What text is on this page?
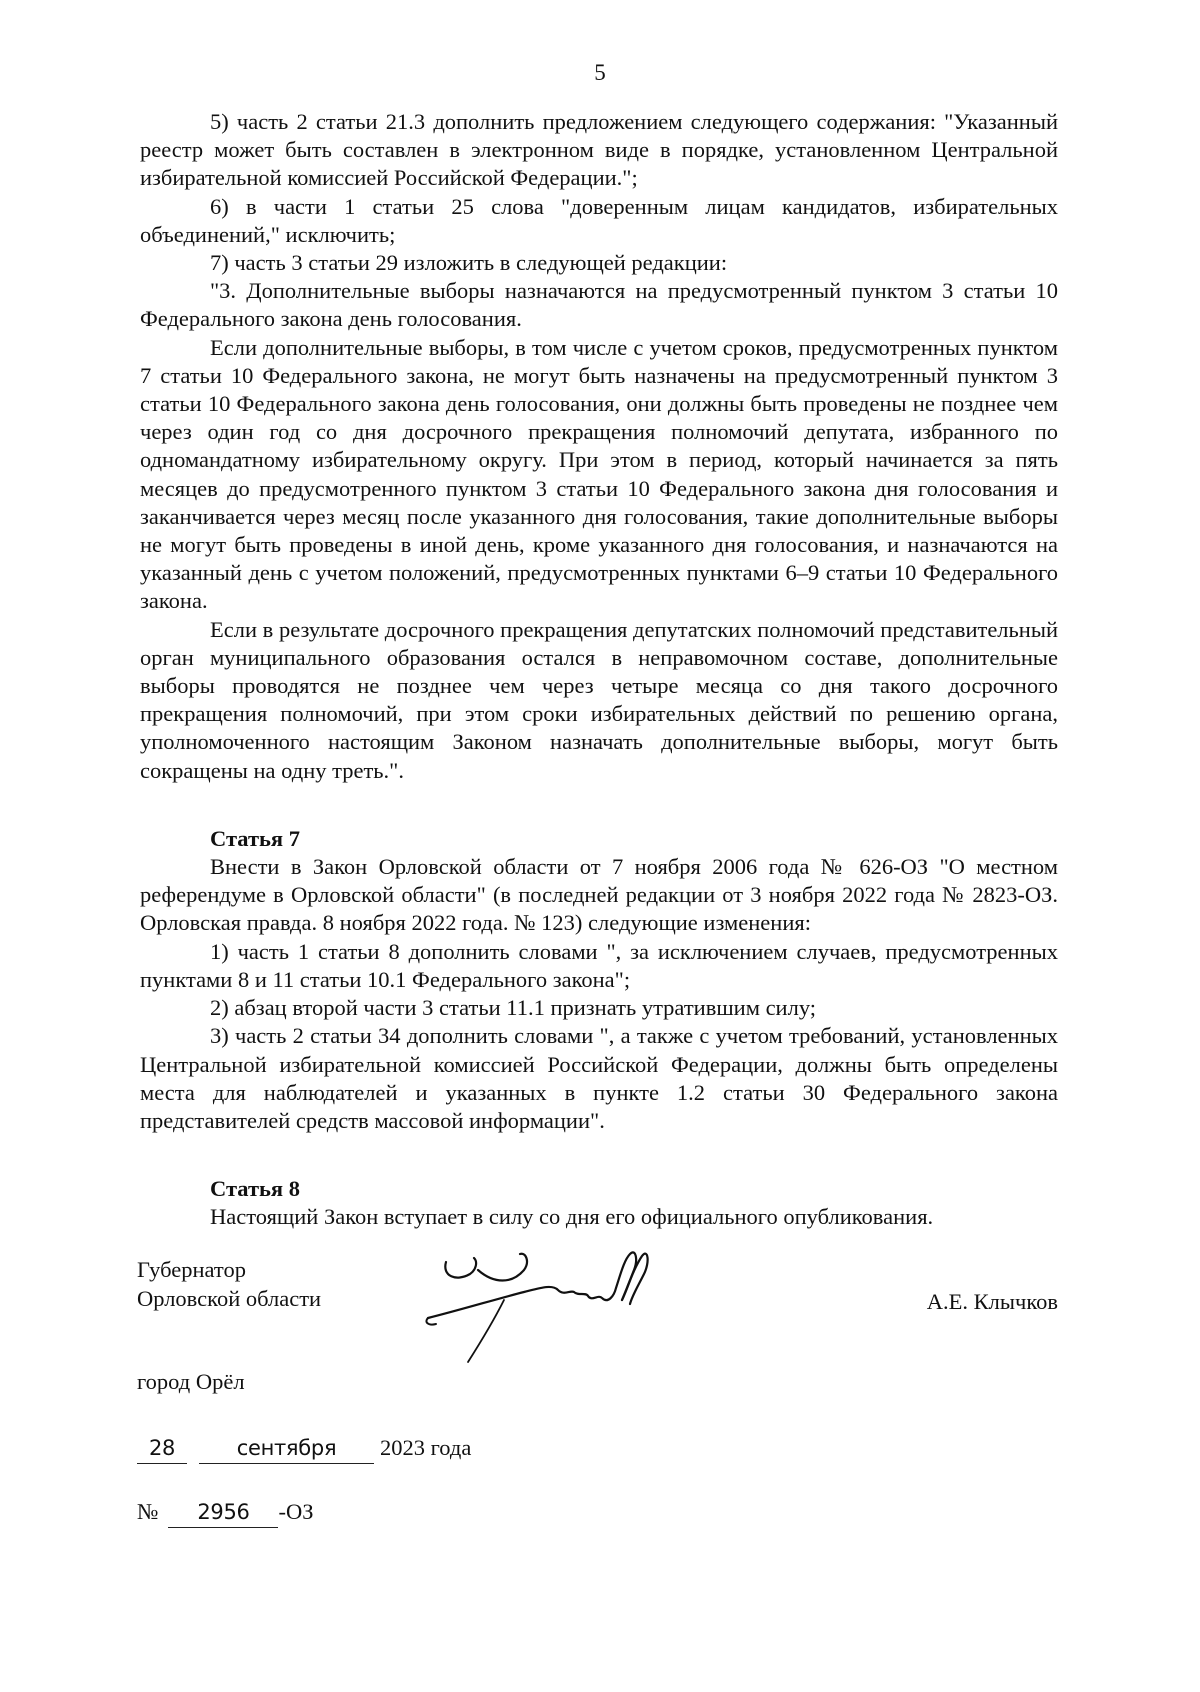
5

5) часть 2 статьи 21.3 дополнить предложением следующего содержания: "Указанный реестр может быть составлен в электронном виде в порядке, установленном Центральной избирательной комиссией Российской Федерации.";

6) в части 1 статьи 25 слова "доверенным лицам кандидатов, избирательных объединений," исключить;

7) часть 3 статьи 29 изложить в следующей редакции:

"3. Дополнительные выборы назначаются на предусмотренный пунктом 3 статьи 10 Федерального закона день голосования.

Если дополнительные выборы, в том числе с учетом сроков, предусмотренных пунктом 7 статьи 10 Федерального закона, не могут быть назначены на предусмотренный пунктом 3 статьи 10 Федерального закона день голосования, они должны быть проведены не позднее чем через один год со дня досрочного прекращения полномочий депутата, избранного по одномандатному избирательному округу. При этом в период, который начинается за пять месяцев до предусмотренного пунктом 3 статьи 10 Федерального закона дня голосования и заканчивается через месяц после указанного дня голосования, такие дополнительные выборы не могут быть проведены в иной день, кроме указанного дня голосования, и назначаются на указанный день с учетом положений, предусмотренных пунктами 6–9 статьи 10 Федерального закона.

Если в результате досрочного прекращения депутатских полномочий представительный орган муниципального образования остался в неправомочном составе, дополнительные выборы проводятся не позднее чем через четыре месяца со дня такого досрочного прекращения полномочий, при этом сроки избирательных действий по решению органа, уполномоченного настоящим Законом назначать дополнительные выборы, могут быть сокращены на одну треть.".

Статья 7

Внести в Закон Орловской области от 7 ноября 2006 года № 626-ОЗ "О местном референдуме в Орловской области" (в последней редакции от 3 ноября 2022 года № 2823-ОЗ. Орловская правда. 8 ноября 2022 года. № 123) следующие изменения:

1) часть 1 статьи 8 дополнить словами ", за исключением случаев, предусмотренных пунктами 8 и 11 статьи 10.1 Федерального закона";

2) абзац второй части 3 статьи 11.1 признать утратившим силу;

3) часть 2 статьи 34 дополнить словами ", а также с учетом требований, установленных Центральной избирательной комиссией Российской Федерации, должны быть определены места для наблюдателей и указанных в пункте 1.2 статьи 30 Федерального закона представителей средств массовой информации".

Статья 8

Настоящий Закон вступает в силу со дня его официального опубликования.

Губернатор
Орловской области	А.Е. Клычков
город Орёл
28	сентября 2023 года
№ 2956 -ОЗ
